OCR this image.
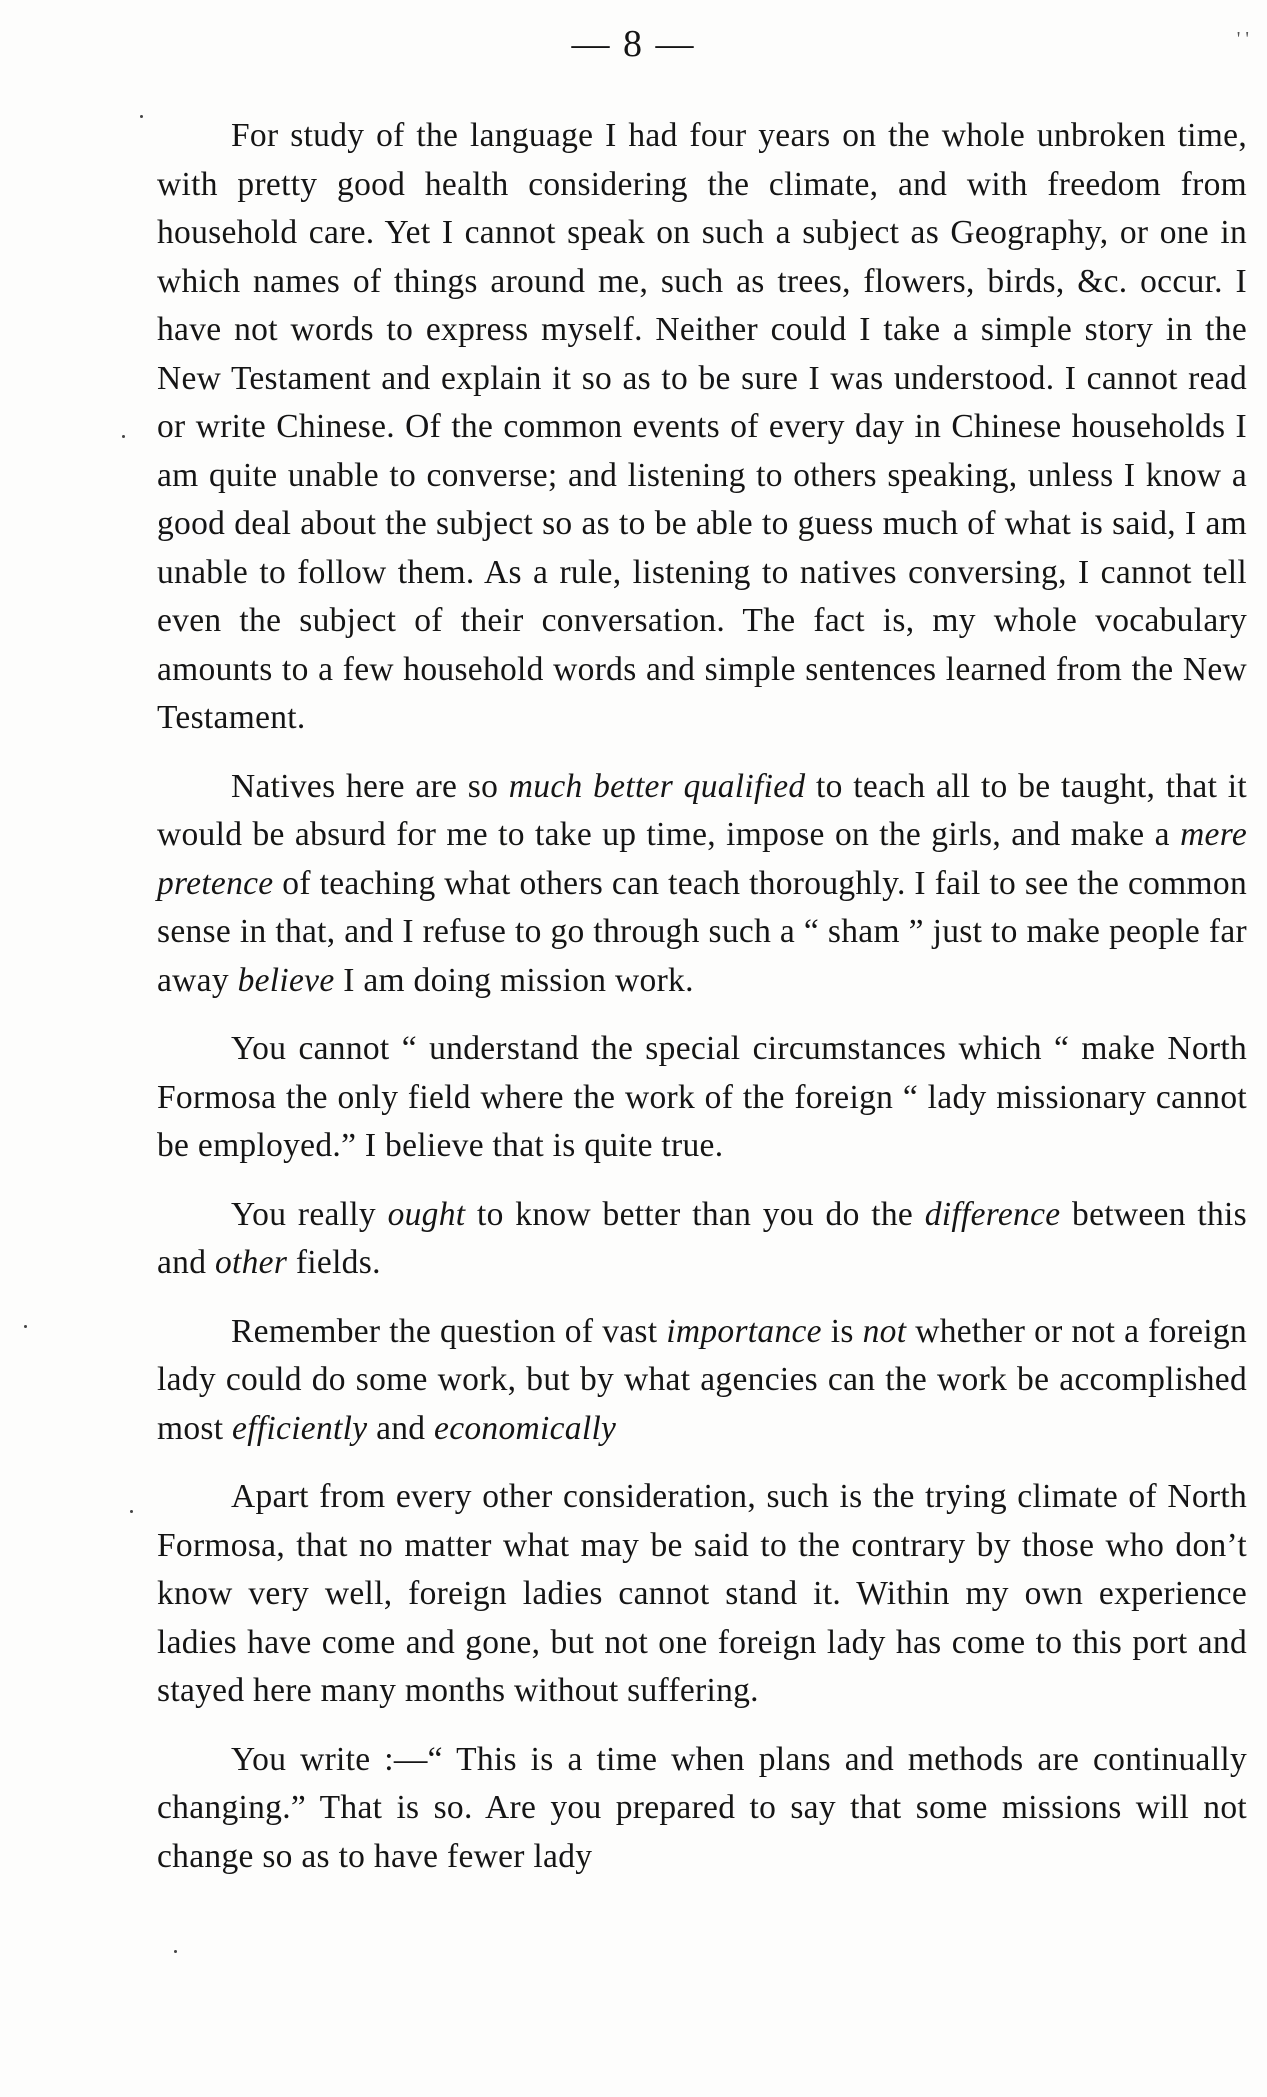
— 8 —	' '

For study of the language I had four years on the whole unbroken time, with pretty good health considering the climate, and with freedom from household care. Yet I cannot speak on such a subject as Geography, or one in which names of things around me, such as trees, flowers, birds, &c. occur. I have not words to express myself. Neither could I take a simple story in the New Testament and explain it so as to be sure I was understood. I cannot read or write Chinese. Of the common events of every day in Chinese households I am quite unable to converse; and listening to others speaking, unless I know a good deal about the subject so as to be able to guess much of what is said, I am unable to follow them. As a rule, listening to natives conversing, I cannot tell even the subject of their conversation. The fact is, my whole vocabulary amounts to a few household words and simple sentences learned from the New Testament.

Natives here are so much better qualified to teach all to be taught, that it would be absurd for me to take up time, impose on the girls, and make a mere pretence of teaching what others can teach thoroughly. I fail to see the common sense in that, and I refuse to go through such a “ sham ” just to make people far away believe I am doing mission work.

You cannot “ understand the special circumstances which “ make North Formosa the only field where the work of the foreign “ lady missionary cannot be employed.” I believe that is quite true.

You really ought to know better than you do the difference between this and other fields.

Remember the question of vast importance is not whether or not a foreign lady could do some work, but by what agencies can the work be accomplished most efficiently and economically

Apart from every other consideration, such is the trying climate of North Formosa, that no matter what may be said to the contrary by those who don’t know very well, foreign ladies cannot stand it. Within my own experience ladies have come and gone, but not one foreign lady has come to this port and stayed here many months without suffering.

You write :—“ This is a time when plans and methods are continually changing.” That is so. Are you prepared to say that some missions will not change so as to have fewer lady
